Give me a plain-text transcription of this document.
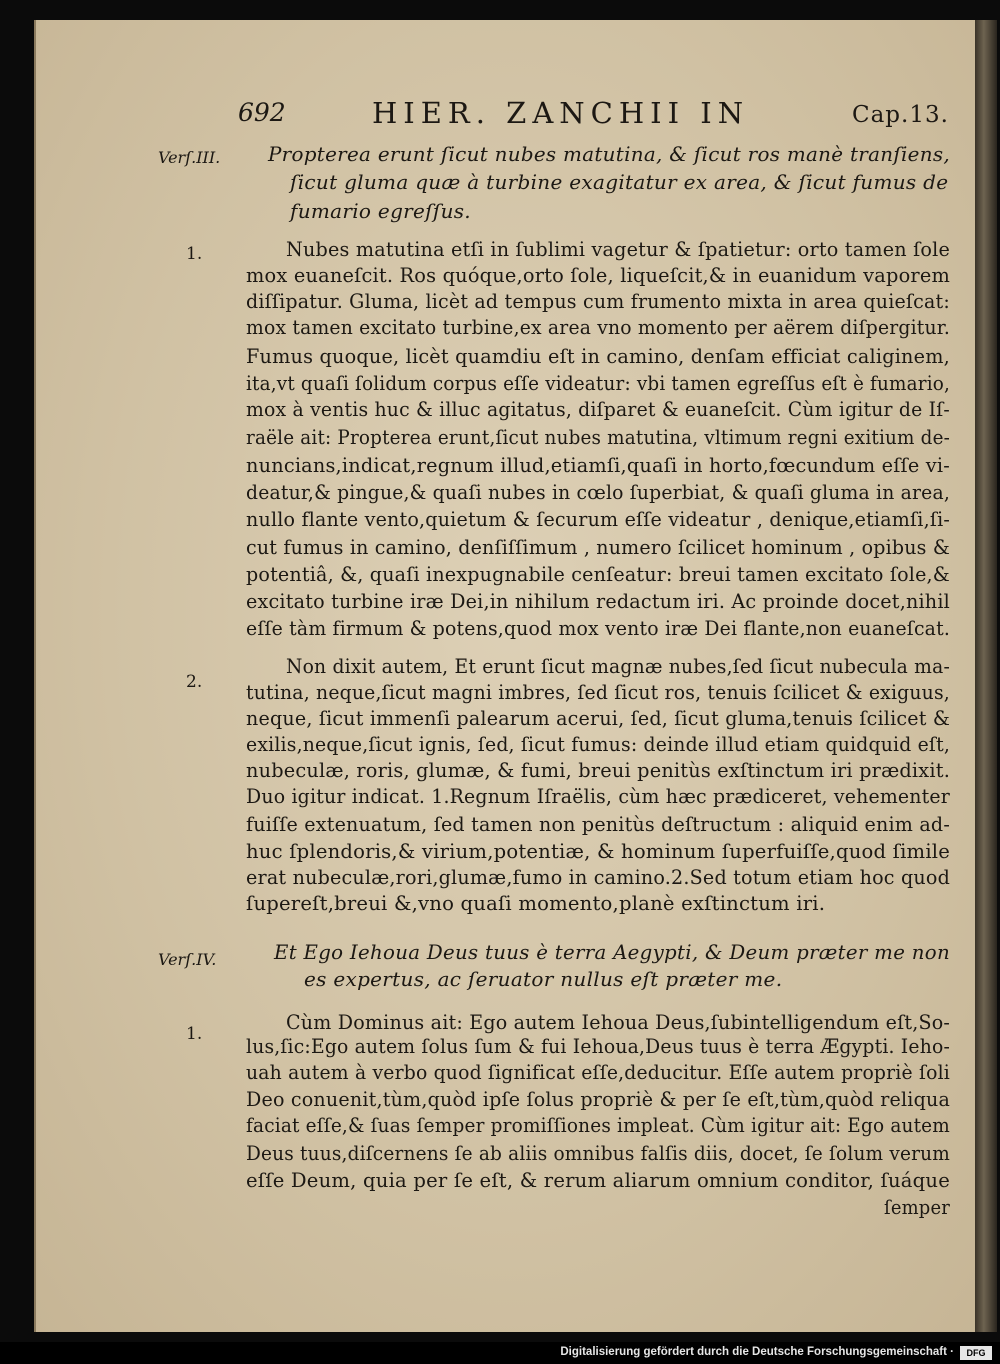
692	HIER. ZANCHII IN	Cap.13.
Verſ.III. Propterea erunt ſicut nubes matutina, & ſicut ros manè tranſiens,
ſicut gluma quæ à turbine exagitatur ex area, & ſicut fumus de
fumario egreſſus.
1.	Nubes matutina etſi in ſublimi vagetur & ſpatietur: orto tamen ſole
mox euaneſcit. Ros quóque,orto ſole, liqueſcit,& in euanidum vaporem
diſſipatur. Gluma, licèt ad tempus cum frumento mixta in area quieſcat:
mox tamen excitato turbine,ex area vno momento per aërem diſpergitur.
Fumus quoque, licèt quamdiu eſt in camino, denſam efficiat caliginem,
ita,vt quaſi ſolidum corpus eſſe videatur: vbi tamen egreſſus eſt è fumario,
mox à ventis huc & illuc agitatus, diſparet & euaneſcit. Cùm igitur de Iſ-
raële ait: Propterea erunt,ſicut nubes matutina, vltimum regni exitium de-
nuncians,indicat,regnum illud,etiamſi,quaſi in horto,fœcundum eſſe vi-
deatur,& pingue,& quaſi nubes in cœlo ſuperbiat, & quaſi gluma in area,
nullo flante vento,quietum & ſecurum eſſe videatur , denique,etiamſi,ſi-
cut fumus in camino, denſiſſimum , numero ſcilicet hominum , opibus &
potentiâ, &, quaſi inexpugnabile cenſeatur: breui tamen excitato ſole,&
excitato turbine iræ Dei,in nihilum redactum iri. Ac proinde docet,nihil
eſſe tàm firmum & potens,quod mox vento iræ Dei flante,non euaneſcat.
2.
Non dixit autem, Et erunt ſicut magnæ nubes,ſed ſicut nubecula ma-
tutina, neque,ſicut magni imbres, ſed ſicut ros, tenuis ſcilicet & exiguus,
neque, ſicut immenſi palearum acerui, ſed, ſicut gluma,tenuis ſcilicet &
exilis,neque,ſicut ignis, ſed, ſicut fumus: deinde illud etiam quidquid eſt,
nubeculæ, roris, glumæ, & fumi, breui penitùs exſtinctum iri prædixit.
Duo igitur indicat. 1.Regnum Iſraëlis, cùm hæc prædiceret, vehementer
fuiſſe extenuatum, ſed tamen non penitùs deſtructum : aliquid enim ad-
huc ſplendoris,& virium,potentiæ, & hominum ſuperfuiſſe,quod ſimile
erat nubeculæ,rori,glumæ,fumo in camino.2.Sed totum etiam hoc quod
ſupereſt,breui &,vno quaſi momento,planè exſtinctum iri.
Verſ.IV.	Et Ego Iehoua Deus tuus è terra Aegypti, & Deum præter me non
es expertus, ac ſeruator nullus eſt præter me.
1.	Cùm Dominus ait: Ego autem Iehoua Deus,ſubintelligendum eſt,So-
lus,ſic:Ego autem ſolus ſum & fui Iehoua,Deus tuus è terra Ægypti. Ieho-
uah autem à verbo quod ſignificat eſſe,deducitur. Eſſe autem propriè ſoli
Deo conuenit,tùm,quòd ipſe ſolus propriè & per ſe eſt,tùm,quòd reliqua
faciat eſſe,& ſuas ſemper promiſſiones impleat. Cùm igitur ait: Ego autem
Deus tuus,diſcernens ſe ab aliis omnibus falſis diis, docet, ſe ſolum verum
eſſe Deum, quia per ſe eſt, & rerum aliarum omnium conditor, ſuáque
ſemper
Digitalisierung gefördert durch die Deutsche Forschungsgemeinschaft ·	DFG
